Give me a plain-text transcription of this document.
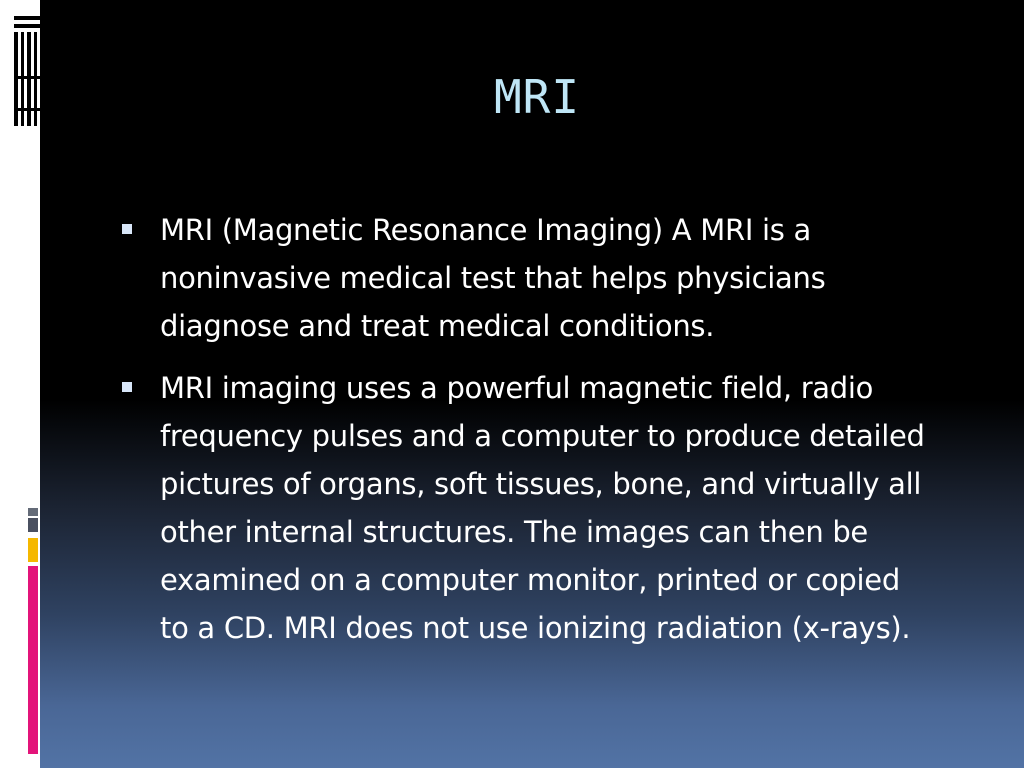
MRI
MRI (Magnetic Resonance Imaging) A MRI is a noninvasive medical test that helps physicians diagnose and treat medical conditions.
MRI imaging uses a powerful magnetic field, radio frequency pulses and a computer to produce detailed pictures of organs, soft tissues, bone, and virtually all other internal structures. The images can then be examined on a computer monitor, printed or copied to a CD. MRI does not use ionizing radiation (x-rays).
